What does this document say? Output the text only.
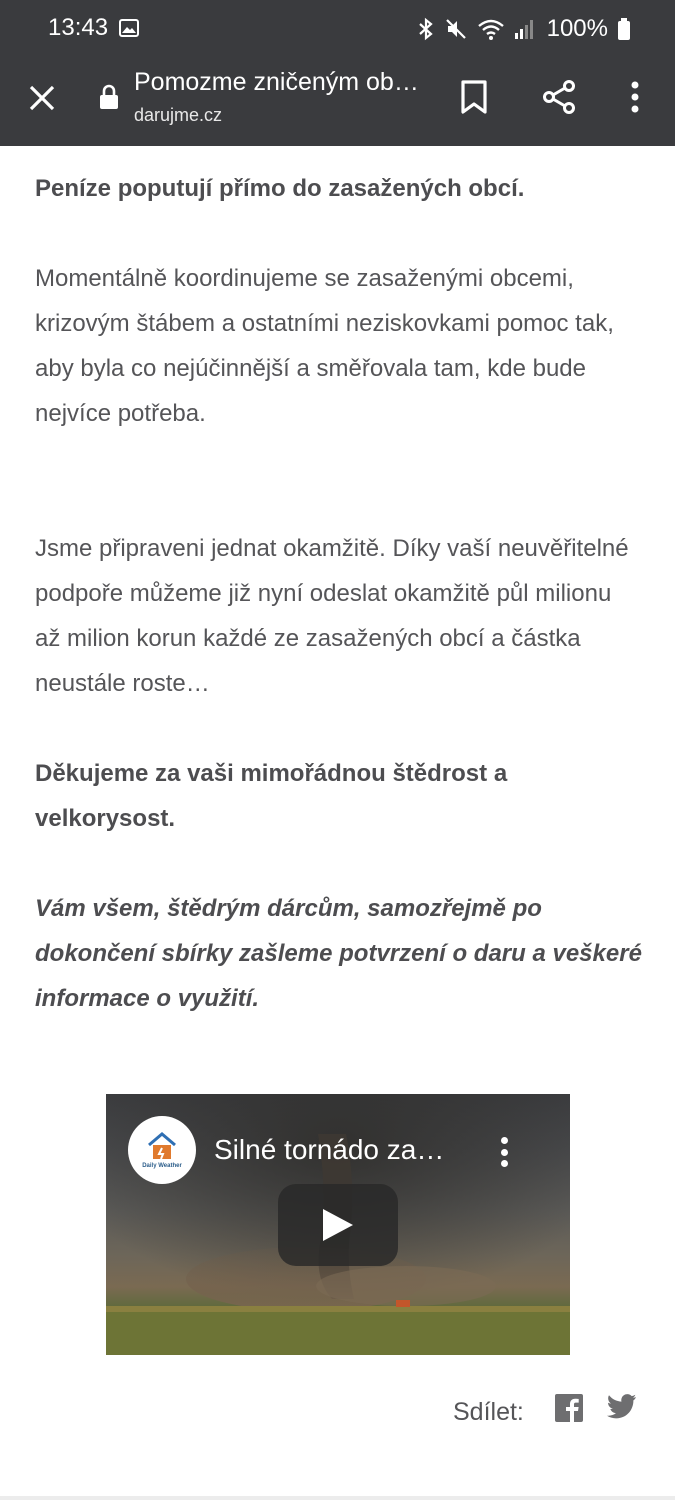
13:43	100%
Pomozme zničeným ob…
darujme.cz

Peníze poputují přímo do zasažených obcí.

Momentálně koordinujeme se zasaženými obcemi, krizovým štábem a ostatními neziskovkami pomoc tak, aby byla co nejúčinnější a směřovala tam, kde bude nejvíce potřeba.

Jsme připraveni jednat okamžitě. Díky vaší neuvěřitelné podpoře můžeme již nyní odeslat okamžitě půl milionu až milion korun každé ze zasažených obcí a částka neustále roste…

Děkujeme za vaši mimořádnou štědrost a velkorysost.

Vám všem, štědrým dárcům, samozřejmě po dokončení sbírky zašleme potvrzení o daru a veškeré informace o využití.

Daily Weather
Silné tornádo za…
Sdílet:
